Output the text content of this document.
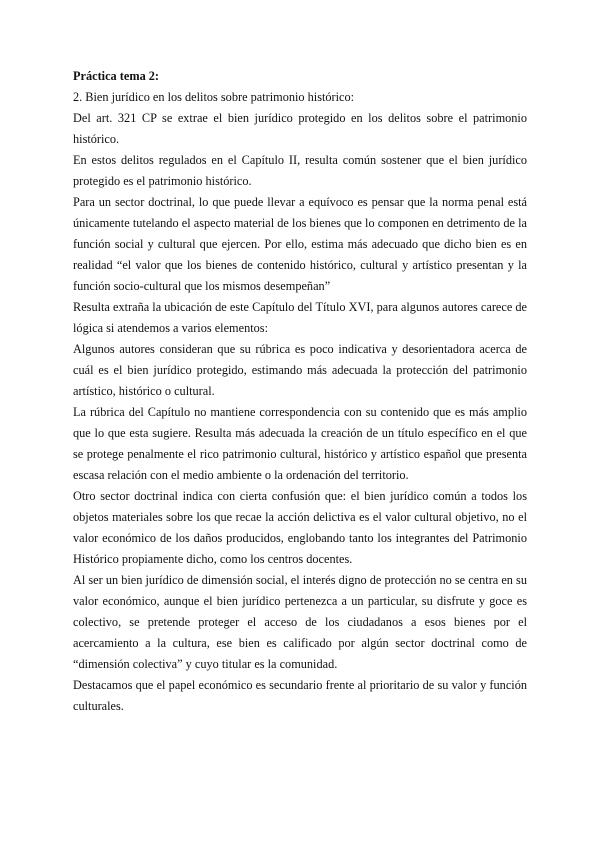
Práctica tema 2:

2. Bien jurídico en los delitos sobre patrimonio histórico:

Del art. 321 CP se extrae el bien jurídico protegido en los delitos sobre el patrimonio histórico.

En estos delitos regulados en el Capítulo II, resulta común sostener que el bien jurídico protegido es el patrimonio histórico.

Para un sector doctrinal, lo que puede llevar a equívoco es pensar que la norma penal está únicamente tutelando el aspecto material de los bienes que lo componen en detrimento de la función social y cultural que ejercen. Por ello, estima más adecuado que dicho bien es en realidad “el valor que los bienes de contenido histórico, cultural y artístico presentan y la función socio-cultural que los mismos desempeñan”

Resulta extraña la ubicación de este Capítulo del Título XVI, para algunos autores carece de lógica si atendemos a varios elementos:

Algunos autores consideran que su rúbrica es poco indicativa y desorientadora acerca de cuál es el bien jurídico protegido, estimando más adecuada la protección del patrimonio artístico, histórico o cultural.

La rúbrica del Capítulo no mantiene correspondencia con su contenido que es más amplio que lo que esta sugiere. Resulta más adecuada la creación de un título específico en el que se protege penalmente el rico patrimonio cultural, histórico y artístico español que presenta escasa relación con el medio ambiente o la ordenación del territorio.

Otro sector doctrinal indica con cierta confusión que: el bien jurídico común a todos los objetos materiales sobre los que recae la acción delictiva es el valor cultural objetivo, no el valor económico de los daños producidos, englobando tanto los integrantes del Patrimonio Histórico propiamente dicho, como los centros docentes.

Al ser un bien jurídico de dimensión social, el interés digno de protección no se centra en su valor económico, aunque el bien jurídico pertenezca a un particular, su disfrute y goce es colectivo, se pretende proteger el acceso de los ciudadanos a esos bienes por el acercamiento a la cultura, ese bien es calificado por algún sector doctrinal como de “dimensión colectiva” y cuyo titular es la comunidad.

Destacamos que el papel económico es secundario frente al prioritario de su valor y función culturales.
